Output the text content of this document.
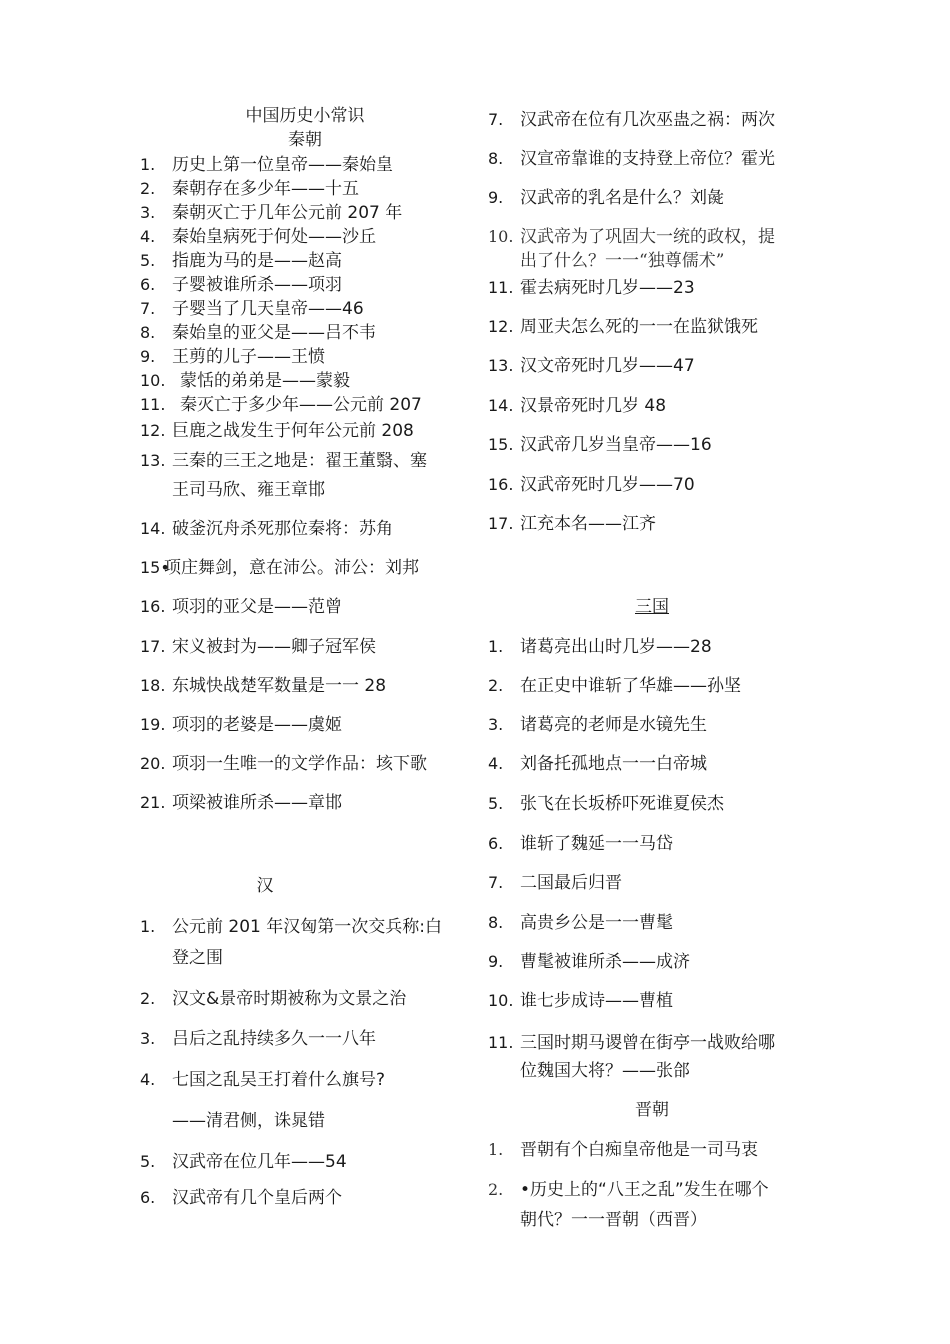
中国历史小常识
秦朝
1. 历史上第一位皇帝——秦始皇
2. 秦朝存在多少年——十五
3. 秦朝灭亡于几年公元前 207 年
4. 秦始皇病死于何处——沙丘
5. 指鹿为马的是——赵高
6. 子婴被谁所杀——项羽
7. 子婴当了几天皇帝——46
8. 秦始皇的亚父是——吕不韦
9. 王剪的儿子——王愤
10. 蒙恬的弟弟是——蒙毅
11. 秦灭亡于多少年——公元前 207
12. 巨鹿之战发生于何年公元前 208
13. 三秦的三王之地是：翟王董翳、塞
王司马欣、雍王章邯
14. 破釜沉舟杀死那位秦将：苏角
15•
项庄舞剑，意在沛公。沛公：刘邦
16. 项羽的亚父是——范曾
17. 宋义被封为——卿子冠军侯
18. 东城快战楚军数量是一一 28
19. 项羽的老婆是——虞姬
20. 项羽一生唯一的文学作品：垓下歌
21. 项梁被谁所杀——章邯
汉
1. 公元前 201 年汉匈第一次交兵称:白
登之围
2. 汉文&景帝时期被称为文景之治
3. 吕后之乱持续多久一一八年
4. 七国之乱吴王打着什么旗号?
——清君侧，诛晁错
5. 汉武帝在位几年——54
6. 汉武帝有几个皇后两个
7. 汉武帝在位有几次巫蛊之祸：两次
8. 汉宣帝靠谁的支持登上帝位？霍光
9. 汉武帝的乳名是什么？刘彘
10. 汉武帝为了巩固大一统的政权，提
出了什么？一一“独尊儒术”
11. 霍去病死时几岁——23
12. 周亚夫怎么死的一一在监狱饿死
13. 汉文帝死时几岁——47
14. 汉景帝死时几岁 48
15. 汉武帝几岁当皇帝——16
16. 汉武帝死时几岁——70
17. 江充本名——江齐
三国
1. 诸葛亮出山时几岁——28
2. 在正史中谁斩了华雄——孙坚
3. 诸葛亮的老师是水镜先生
4. 刘备托孤地点一一白帝城
5. 张飞在长坂桥吓死谁夏侯杰
6. 谁斩了魏延一一马岱
7. 二国最后归晋
8. 高贵乡公是一一曹髦
9. 曹髦被谁所杀——成济
10. 谁七步成诗——曹植
11. 三国时期马谡曾在街亭一战败给哪
位魏国大将？——张郃
晋朝
1. 晋朝有个白痴皇帝他是一司马衷
2. •历史上的“八王之乱”发生在哪个
朝代？一一晋朝（西晋）
